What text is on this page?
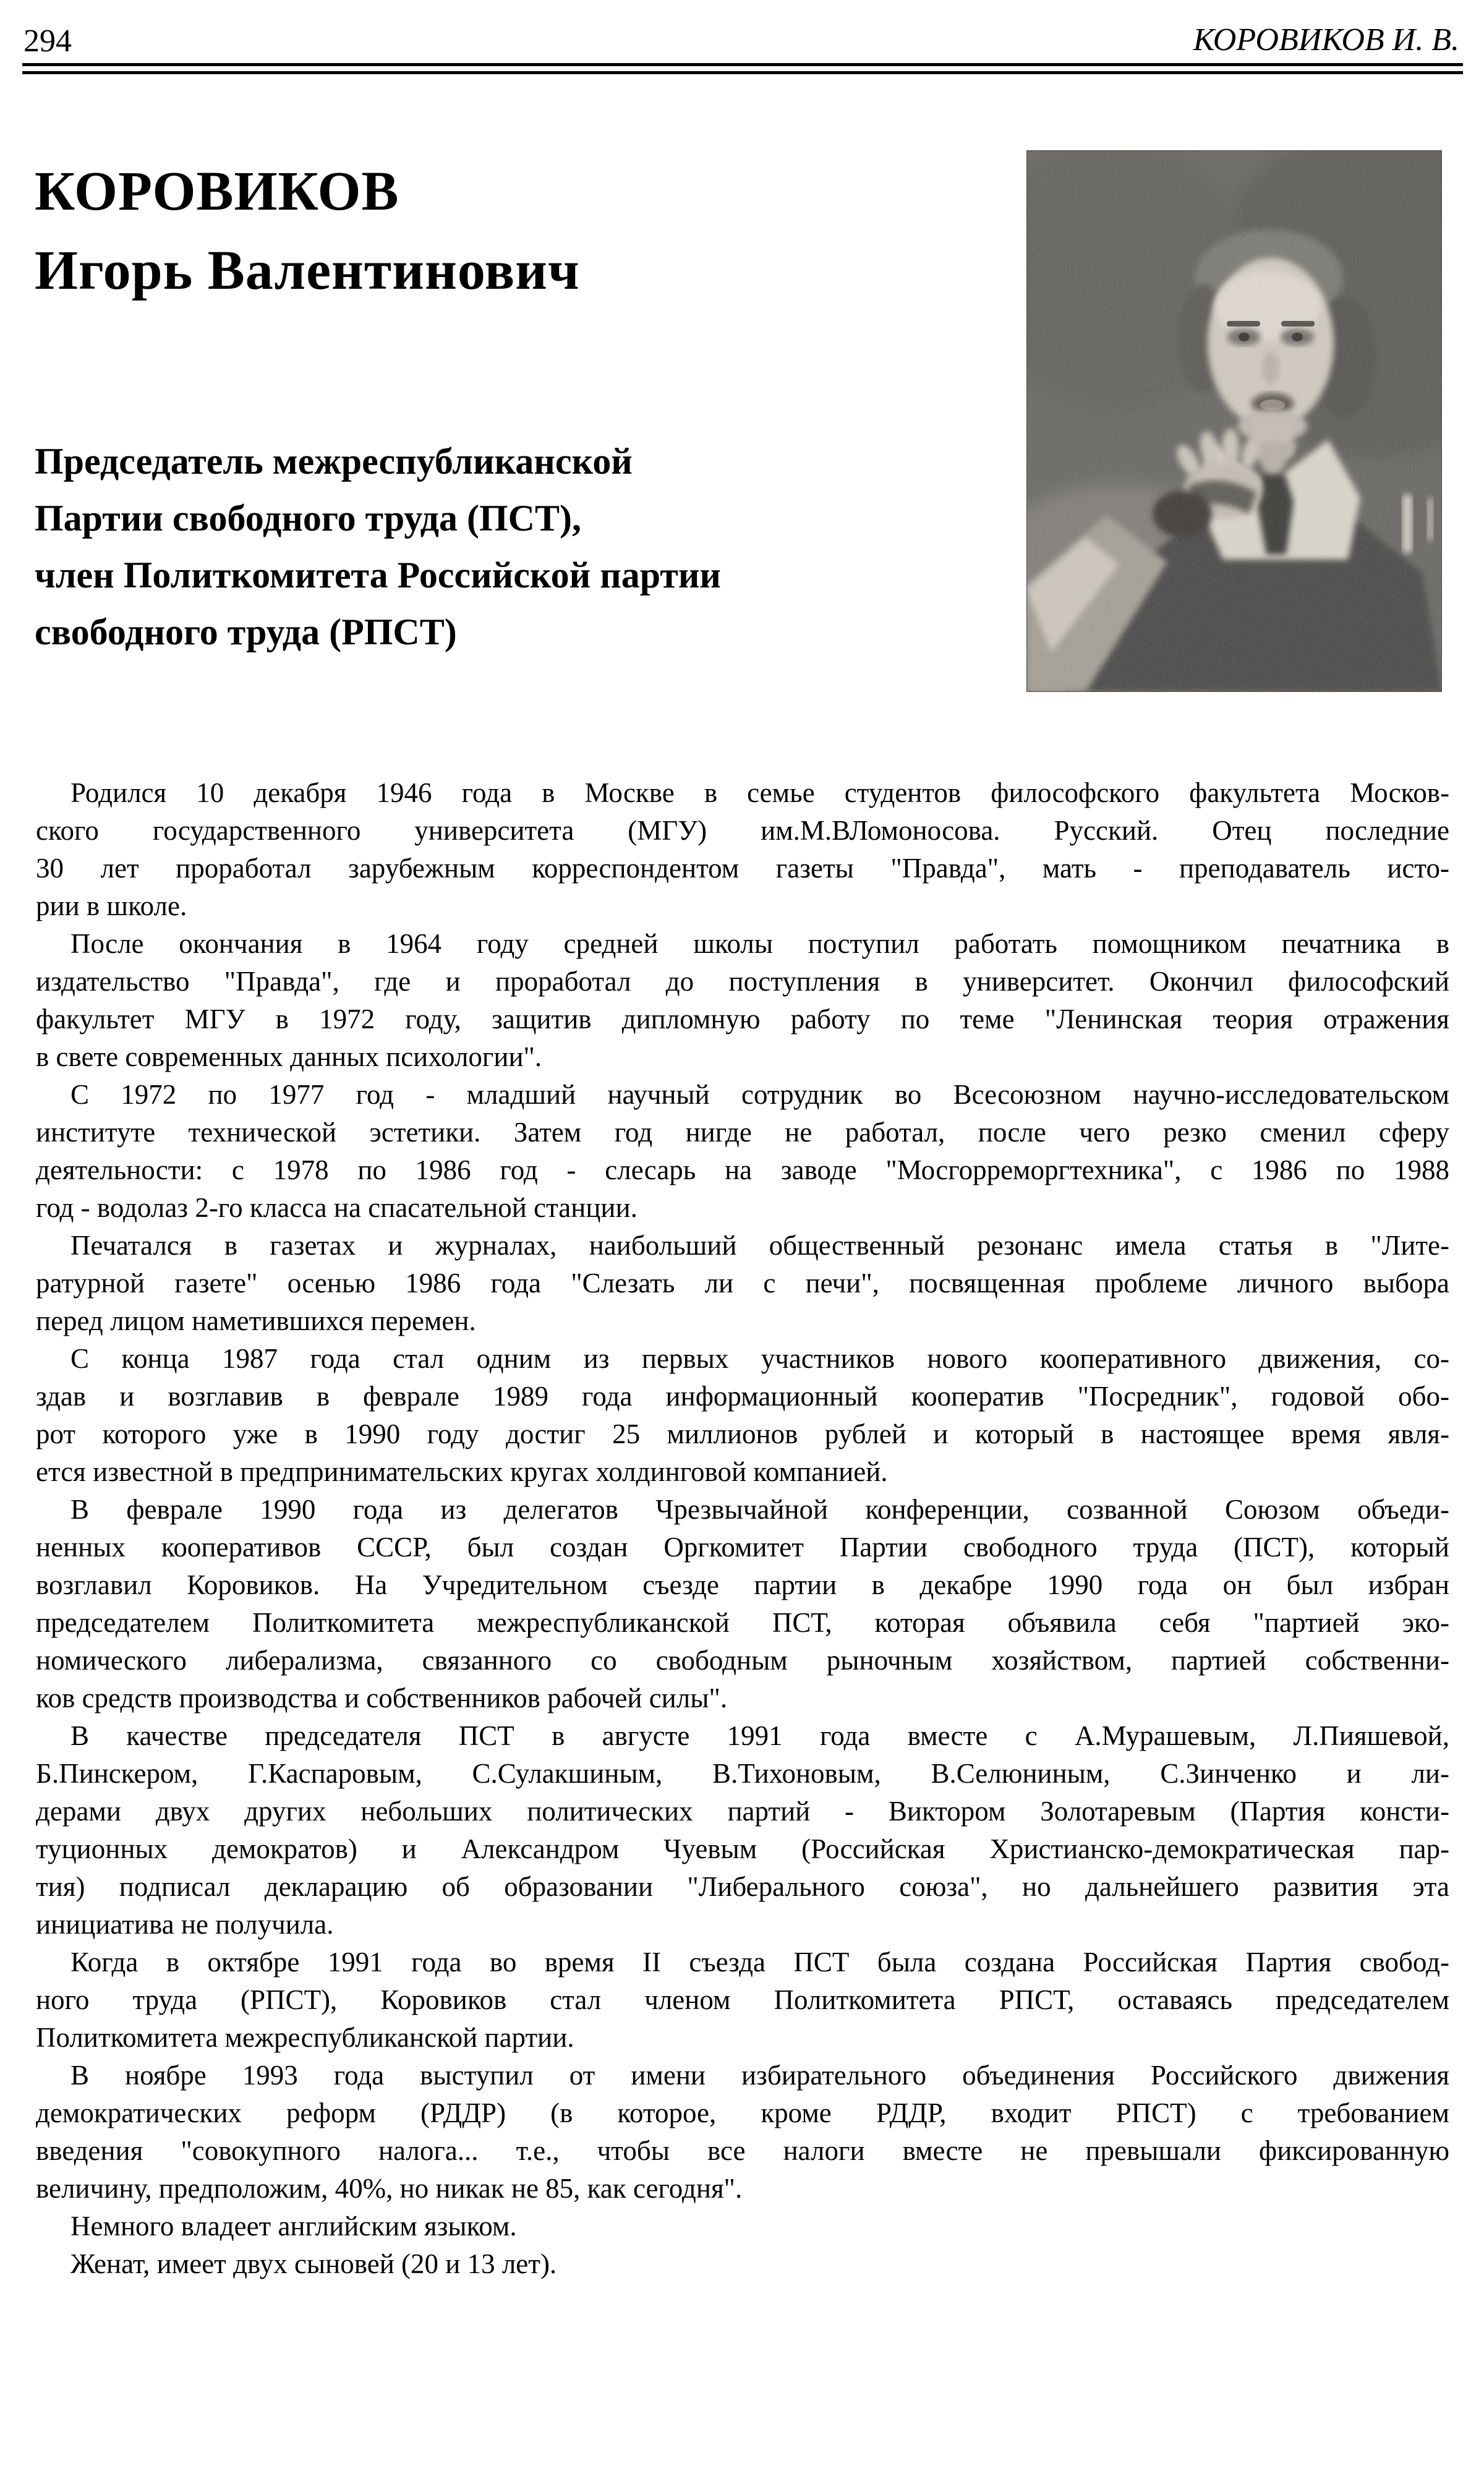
294	КОРОВИКОВ И. В.
КОРОВИКОВ
Игорь Валентинович
Председатель межреспубликанской
Партии свободного труда (ПСТ),
член Политкомитета Российской партии
свободного труда (РПСТ)
Родился 10 декабря 1946 года в Москве в семье студентов философского факультета Москов-
ского государственного университета (МГУ) им.М.ВЛомоносова. Русский. Отец последние
30 лет проработал зарубежным корреспондентом газеты "Правда", мать - преподаватель исто-
рии в школе.
После окончания в 1964 году средней школы поступил работать помощником печатника в
издательство "Правда", где и проработал до поступления в университет. Окончил философский
факультет МГУ в 1972 году, защитив дипломную работу по теме "Ленинская теория отражения
в свете современных данных психологии".
С 1972 по 1977 год - младший научный сотрудник во Всесоюзном научно-исследовательском
институте технической эстетики. Затем год нигде не работал, после чего резко сменил сферу
деятельности: с 1978 по 1986 год - слесарь на заводе "Мосгорреморгтехника", с 1986 по 1988
год - водолаз 2-го класса на спасательной станции.
Печатался в газетах и журналах, наибольший общественный резонанс имела статья в "Лите-
ратурной газете" осенью 1986 года "Слезать ли с печи", посвященная проблеме личного выбора
перед лицом наметившихся перемен.
С конца 1987 года стал одним из первых участников нового кооперативного движения, со-
здав и возглавив в феврале 1989 года информационный кооператив "Посредник", годовой обо-
рот которого уже в 1990 году достиг 25 миллионов рублей и который в настоящее время явля-
ется известной в предпринимательских кругах холдинговой компанией.
В феврале 1990 года из делегатов Чрезвычайной конференции, созванной Союзом объеди-
ненных кооперативов СССР, был создан Оргкомитет Партии свободного труда (ПСТ), который
возглавил Коровиков. На Учредительном съезде партии в декабре 1990 года он был избран
председателем Политкомитета межреспубликанской ПСТ, которая объявила себя "партией эко-
номического либерализма, связанного со свободным рыночным хозяйством, партией собственни-
ков средств производства и собственников рабочей силы".
В качестве председателя ПСТ в августе 1991 года вместе с А.Мурашевым, Л.Пияшевой,
Б.Пинскером, Г.Каспаровым, С.Сулакшиным, В.Тихоновым, В.Селюниным, С.Зинченко и ли-
дерами двух других небольших политических партий - Виктором Золотаревым (Партия консти-
туционных демократов) и Александром Чуевым (Российская Христианско-демократическая пар-
тия) подписал декларацию об образовании "Либерального союза", но дальнейшего развития эта
инициатива не получила.
Когда в октябре 1991 года во время II съезда ПСТ была создана Российская Партия свобод-
ного труда (РПСТ), Коровиков стал членом Политкомитета РПСТ, оставаясь председателем
Политкомитета межреспубликанской партии.
В ноябре 1993 года выступил от имени избирательного объединения Российского движения
демократических реформ (РДДР) (в которое, кроме РДДР, входит РПСТ) с требованием
введения "совокупного налога... т.е., чтобы все налоги вместе не превышали фиксированную
величину, предположим, 40%, но никак не 85, как сегодня".
Немного владеет английским языком.
Женат, имеет двух сыновей (20 и 13 лет).
